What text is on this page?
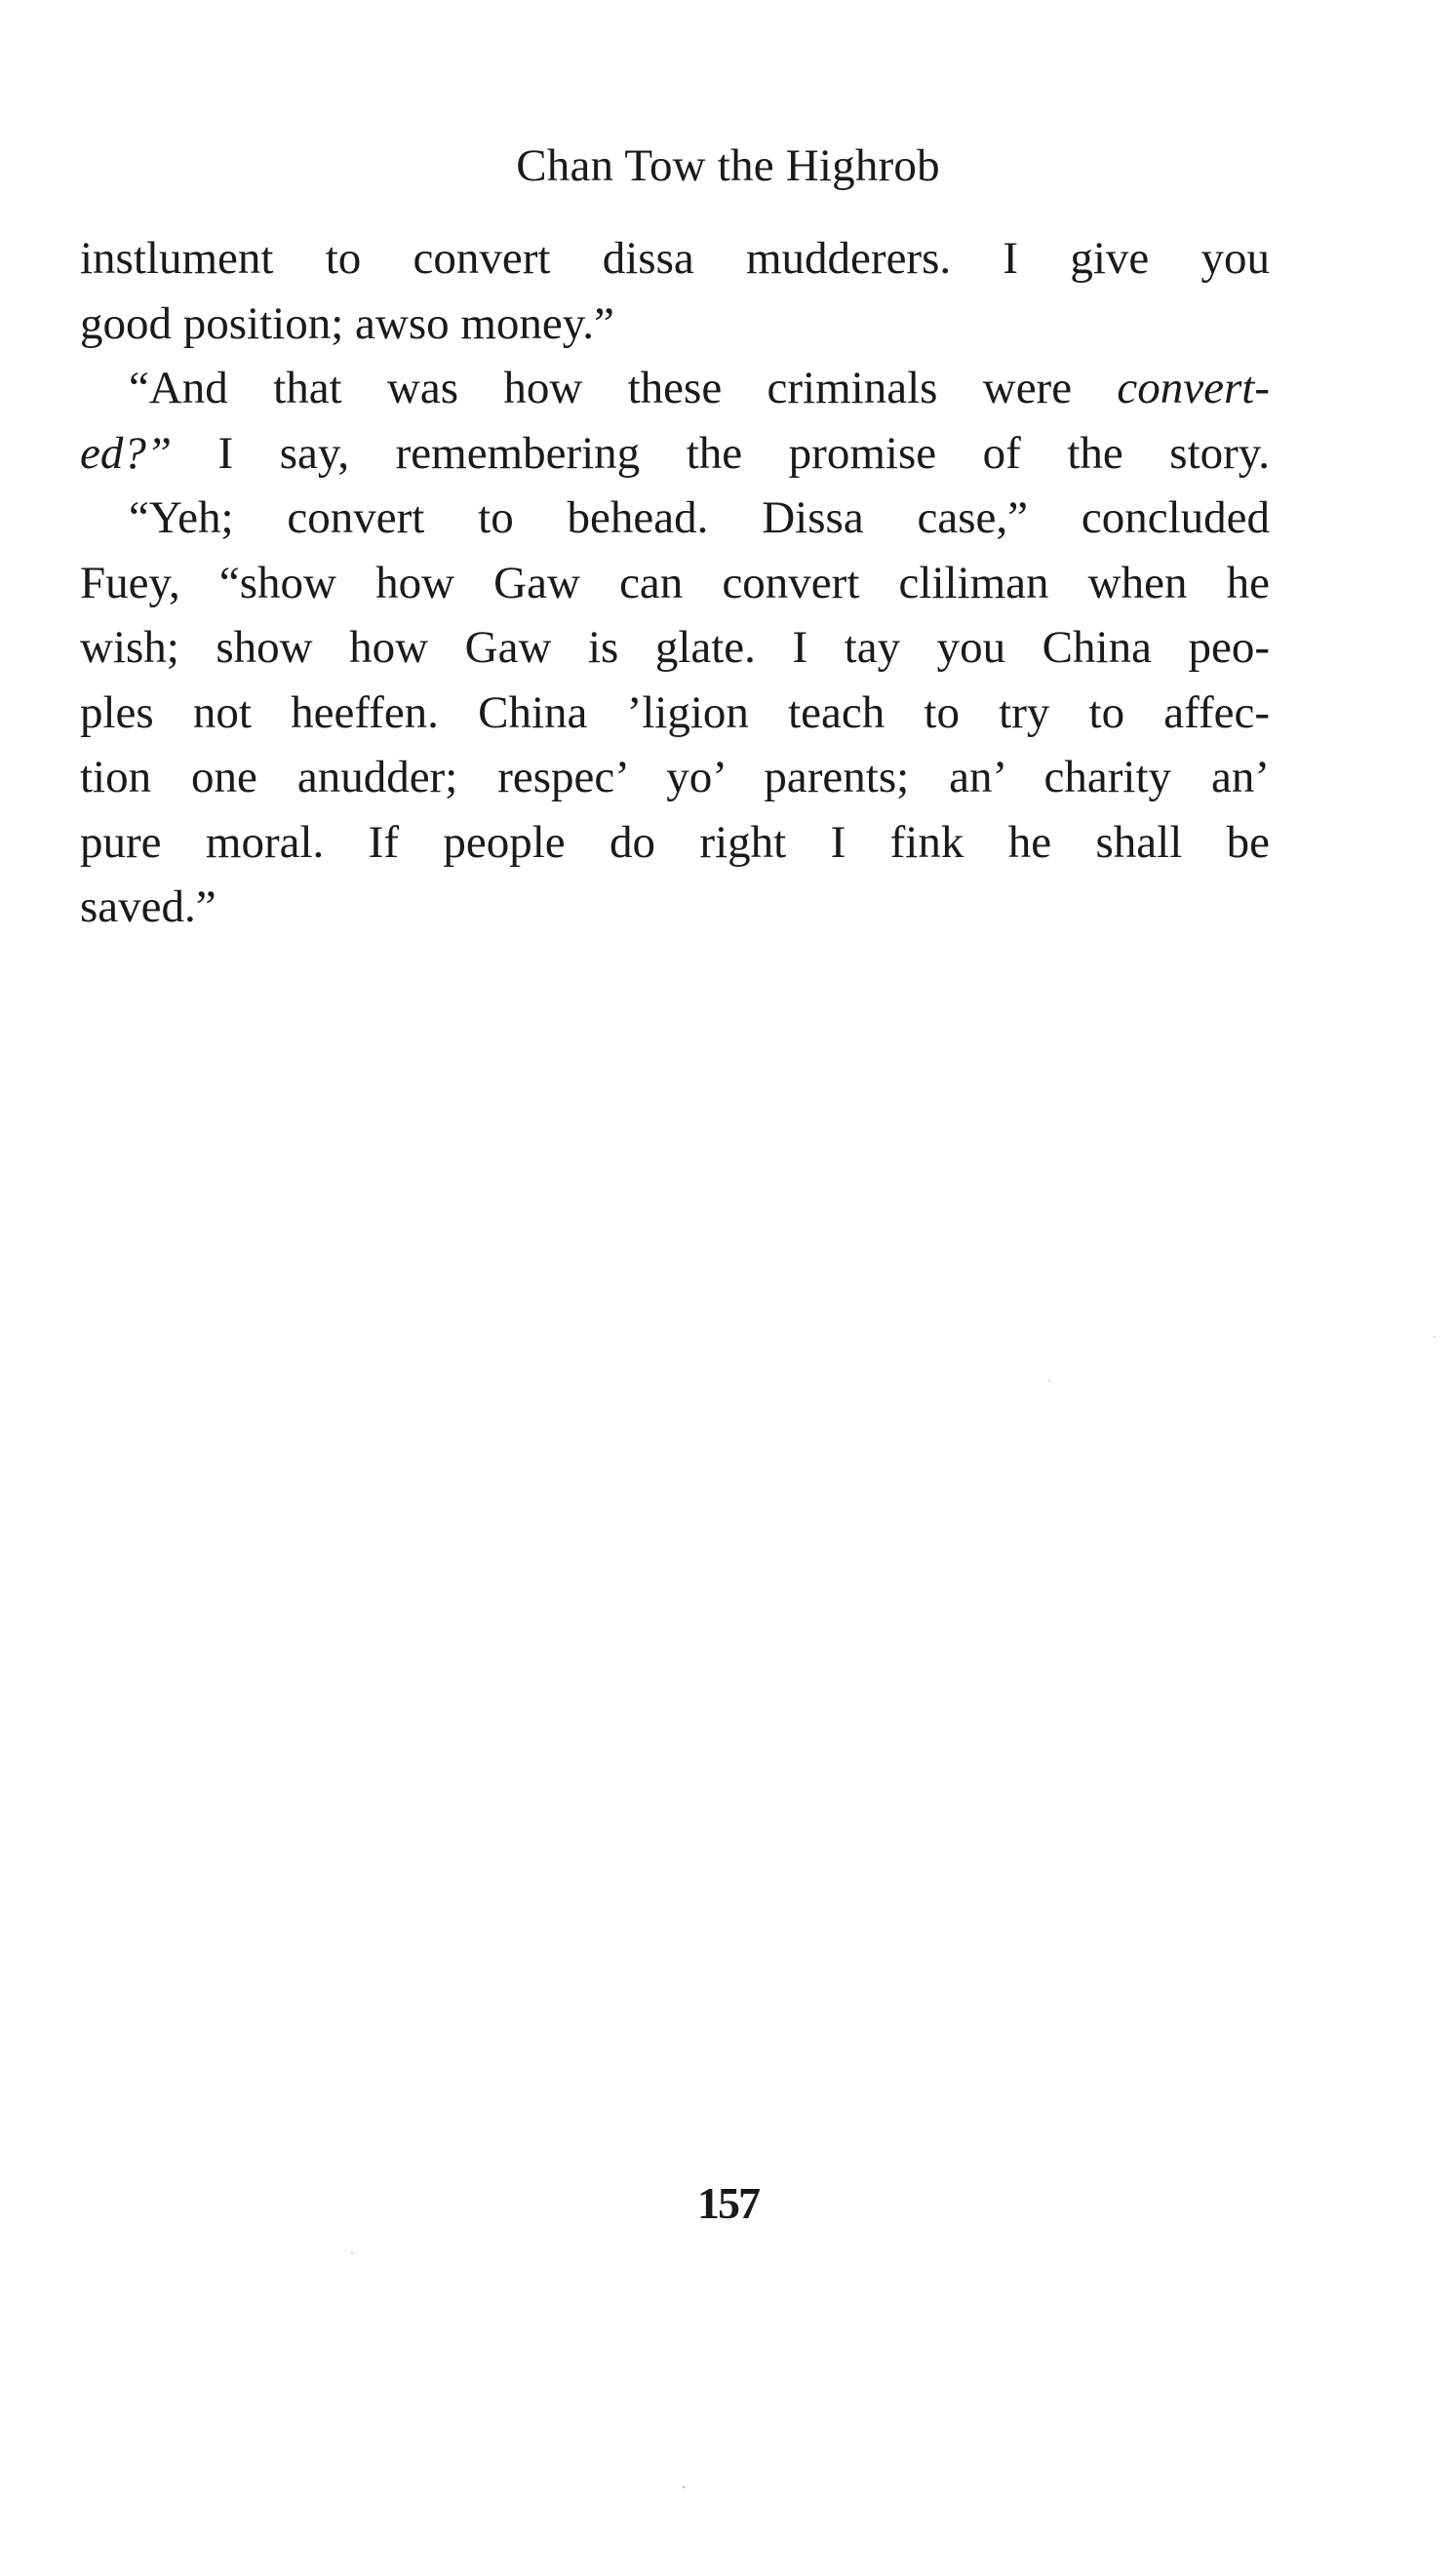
Chan Tow the Highrob
instlument to convert dissa mudderers. I give you
good position; awso money.”
“And that was how these criminals were convert-
ed?” I say, remembering the promise of the story.
“Yeh; convert to behead. Dissa case,” concluded
Fuey, “show how Gaw can convert cliliman when he
wish; show how Gaw is glate. I tay you China peo-
ples not heeffen. China ’ligion teach to try to affec-
tion one anudder; respec’ yo’ parents; an’ charity an’
pure moral. If people do right I fink he shall be
saved.”
157
